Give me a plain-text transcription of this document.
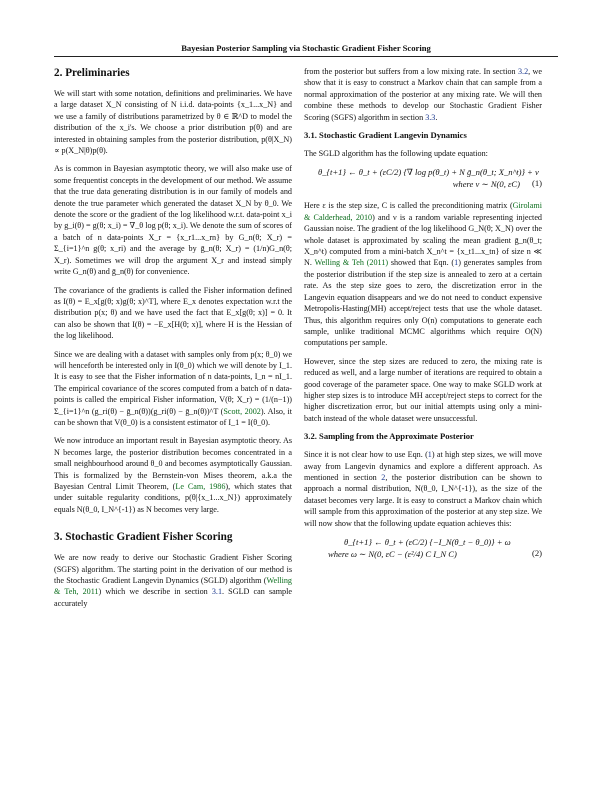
Bayesian Posterior Sampling via Stochastic Gradient Fisher Scoring
2. Preliminaries

We will start with some notation, definitions and preliminaries. We have a large dataset X_N consisting of N i.i.d. data-points {x_1...x_N} and we use a family of distributions parametrized by θ ∈ ℝ^D to model the distribution of the x_i's. We choose a prior distribution p(θ) and are interested in obtaining samples from the posterior distribution, p(θ|X_N) ∝ p(X_N|θ)p(θ).

As is common in Bayesian asymptotic theory, we will also make use of some frequentist concepts in the development of our method. We assume that the true data generating distribution is in our family of models and denote the true parameter which generated the dataset X_N by θ_0. We denote the score or the gradient of the log likelihood w.r.t. data-point x_i by g_i(θ) = g(θ; x_i) = ∇_θ log p(θ; x_i). We denote the sum of scores of a batch of n data-points X_r = {x_r1...x_rn} by G_n(θ; X_r) = Σ_{i=1}^n g(θ; x_ri) and the average by ḡ_n(θ; X_r) = (1/n)G_n(θ; X_r). Sometimes we will drop the argument X_r and instead simply write G_n(θ) and ḡ_n(θ) for convenience.

The covariance of the gradients is called the Fisher information defined as I(θ) = E_x[g(θ; x)g(θ; x)^T], where E_x denotes expectation w.r.t the distribution p(x; θ) and we have used the fact that E_x[g(θ; x)] = 0. It can also be shown that I(θ) = −E_x[H(θ; x)], where H is the Hessian of the log likelihood.

Since we are dealing with a dataset with samples only from p(x; θ_0) we will henceforth be interested only in I(θ_0) which we will denote by I_1. It is easy to see that the Fisher information of n data-points, I_n = nI_1. The empirical covariance of the scores computed from a batch of n data-points is called the empirical Fisher information, V(θ; X_r) = (1/(n−1)) Σ_{i=1}^n (g_ri(θ) − ḡ_n(θ))(g_ri(θ) − ḡ_n(θ))^T (Scott, 2002). Also, it can be shown that V(θ_0) is a consistent estimator of I_1 = I(θ_0).

We now introduce an important result in Bayesian asymptotic theory. As N becomes large, the posterior distribution becomes concentrated in a small neighbourhood around θ_0 and becomes asymptotically Gaussian. This is formalized by the Bernstein-von Mises theorem, a.k.a the Bayesian Central Limit Theorem, (Le Cam, 1986), which states that under suitable regularity conditions, p(θ|{x_1...x_N}) approximately equals N(θ_0, I_N^{-1}) as N becomes very large.

3. Stochastic Gradient Fisher Scoring

We are now ready to derive our Stochastic Gradient Fisher Scoring (SGFS) algorithm. The starting point in the derivation of our method is the Stochastic Gradient Langevin Dynamics (SGLD) algorithm (Welling & Teh, 2011) which we describe in section 3.1. SGLD can sample accurately

from the posterior but suffers from a low mixing rate. In section 3.2, we show that it is easy to construct a Markov chain that can sample from a normal approximation of the posterior at any mixing rate. We will then combine these methods to develop our Stochastic Gradient Fisher Scoring (SGFS) algorithm in section 3.3.

3.1. Stochastic Gradient Langevin Dynamics

The SGLD algorithm has the following update equation:

θ_{t+1} ← θ_t + (εC/2) {∇ log p(θ_t) + N ḡ_n(θ_t; X_n^t)} + ν
where ν ∼ N(0, εC)	(1)

Here ε is the step size, C is called the preconditioning matrix (Girolami & Calderhead, 2010) and ν is a random variable representing injected Gaussian noise. The gradient of the log likelihood G_N(θ; X_N) over the whole dataset is approximated by scaling the mean gradient ḡ_n(θ_t; X_n^t) computed from a mini-batch X_n^t = {x_t1...x_tn} of size n ≪ N. Welling & Teh (2011) showed that Eqn. (1) generates samples from the posterior distribution if the step size is annealed to zero at a certain rate. As the step size goes to zero, the discretization error in the Langevin equation disappears and we do not need to conduct expensive Metropolis-Hasting(MH) accept/reject tests that use the whole dataset. Thus, this algorithm requires only O(n) computations to generate each sample, unlike traditional MCMC algorithms which require O(N) computations per sample.

However, since the step sizes are reduced to zero, the mixing rate is reduced as well, and a large number of iterations are required to obtain a good coverage of the parameter space. One way to make SGLD work at higher step sizes is to introduce MH accept/reject steps to correct for the higher discretization error, but our initial attempts using only a mini-batch instead of the whole dataset were unsuccessful.

3.2. Sampling from the Approximate Posterior

Since it is not clear how to use Eqn. (1) at high step sizes, we will move away from Langevin dynamics and explore a different approach. As mentioned in section 2, the posterior distribution can be shown to approach a normal distribution, N(θ_0, I_N^{-1}), as the size of the dataset becomes very large. It is easy to construct a Markov chain which will sample from this approximation of the posterior at any step size. We will now show that the following update equation achieves this:

θ_{t+1} ← θ_t + (εC/2) {−I_N(θ_t − θ_0)} + ω
where ω ∼ N(0, εC − (ε²/4) C I_N C)	(2)
